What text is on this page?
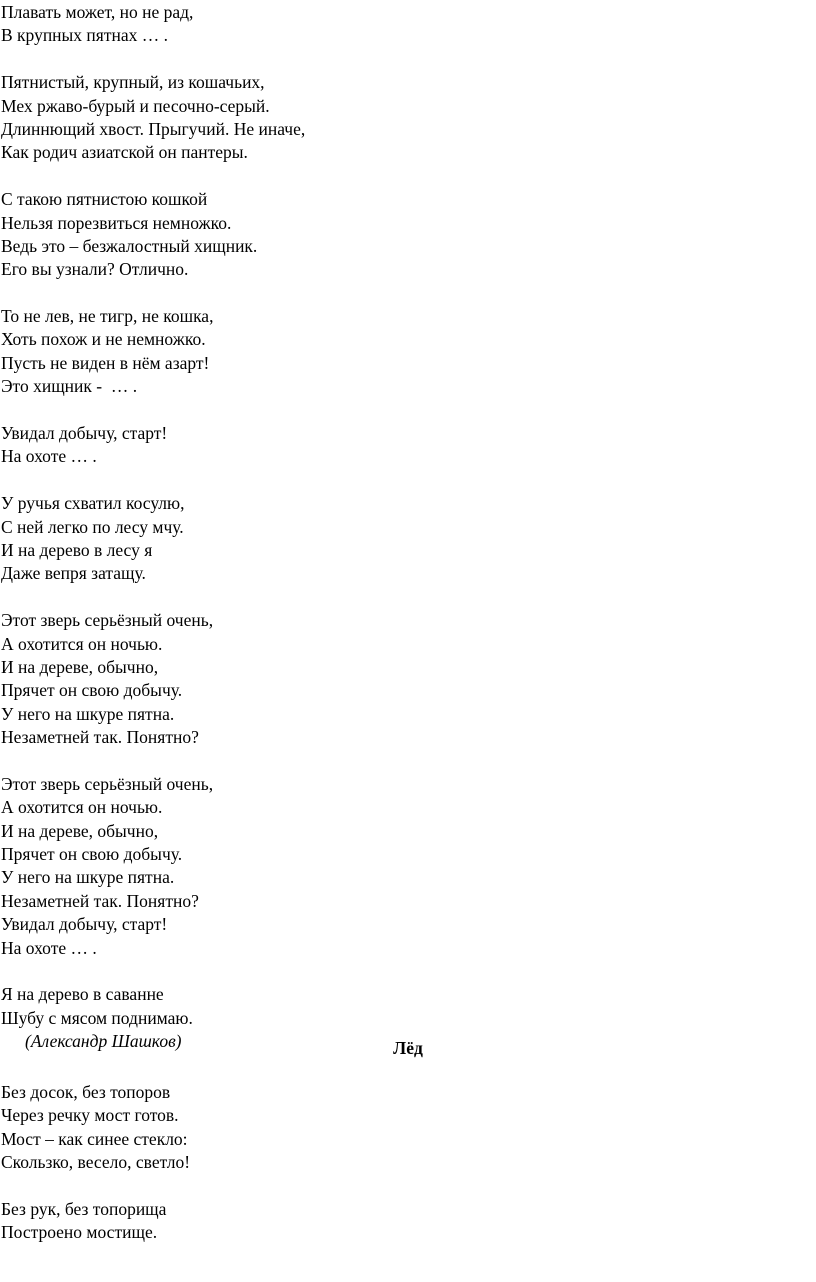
Плавать может, но не рад,
В крупных пятнах … .
Пятнистый, крупный, из кошачьих,
Мех ржаво-бурый и песочно-серый.
Длиннющий хвост. Прыгучий. Не иначе,
Как родич азиатской он пантеры.
С такою пятнистою кошкой
Нельзя порезвиться немножко.
Ведь это – безжалостный хищник.
Его вы узнали? Отлично.
То не лев, не тигр, не кошка,
Хоть похож и не немножко.
Пусть не виден в нём азарт!
Это хищник -  … .
Увидал добычу, старт!
На охоте … .
У ручья схватил косулю,
С ней легко по лесу мчу.
И на дерево в лесу я
Даже вепря затащу.
Этот зверь серьёзный очень,
А охотится он ночью.
И на дереве, обычно,
Прячет он свою добычу.
У него на шкуре пятна.
Незаметней так. Понятно?
Этот зверь серьёзный очень,
А охотится он ночью.
И на дереве, обычно,
Прячет он свою добычу.
У него на шкуре пятна.
Незаметней так. Понятно?
Увидал добычу, старт!
На охоте … .
Я на дерево в саванне
Шубу с мясом поднимаю.
(Александр Шашков)	Лёд
Без досок, без топоров
Через речку мост готов.
Мост – как синее стекло:
Скользко, весело, светло!
Без рук, без топорища
Построено мостище.
